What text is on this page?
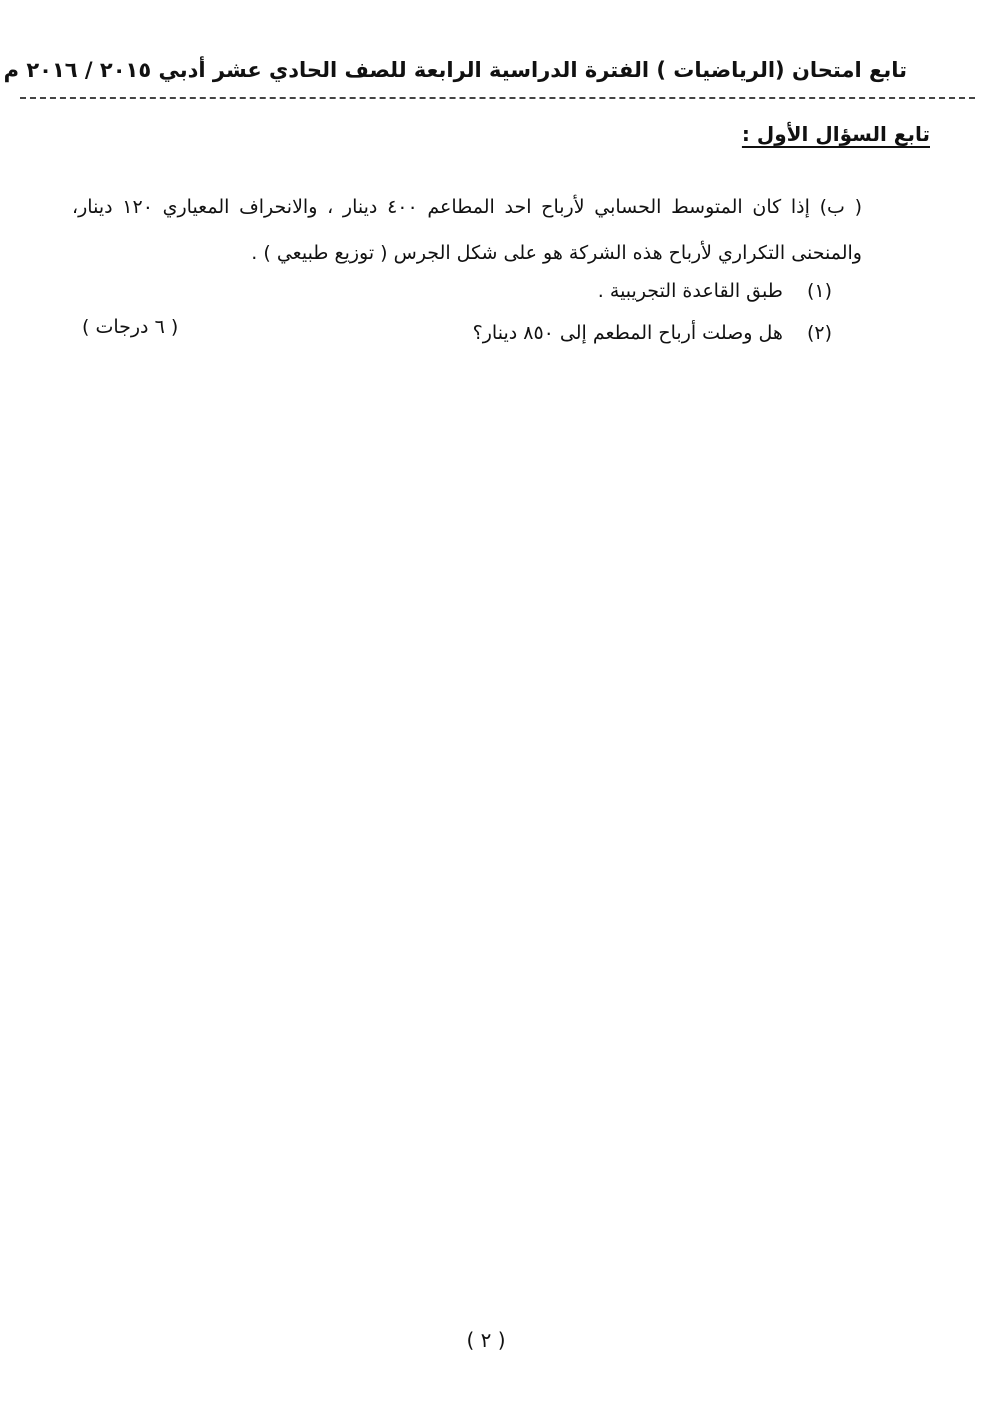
تابع امتحان (الرياضيات ) الفترة الدراسية الرابعة للصف الحادي عشر أدبي ٢٠١٥ / ٢٠١٦ م
تابع السؤال الأول :
( ب) إذا كان المتوسط الحسابي لأرباح احد المطاعم ٤٠٠ دينار ، والانحراف المعياري ١٢٠ دينار، والمنحنى التكراري لأرباح هذه الشركة هو على شكل الجرس ( توزيع طبيعي ) .
(١) طبق القاعدة التجريبية .
(٢) هل وصلت أرباح المطعم إلى ٨٥٠ دينار؟
( ٦ درجات )
( ٢ )
